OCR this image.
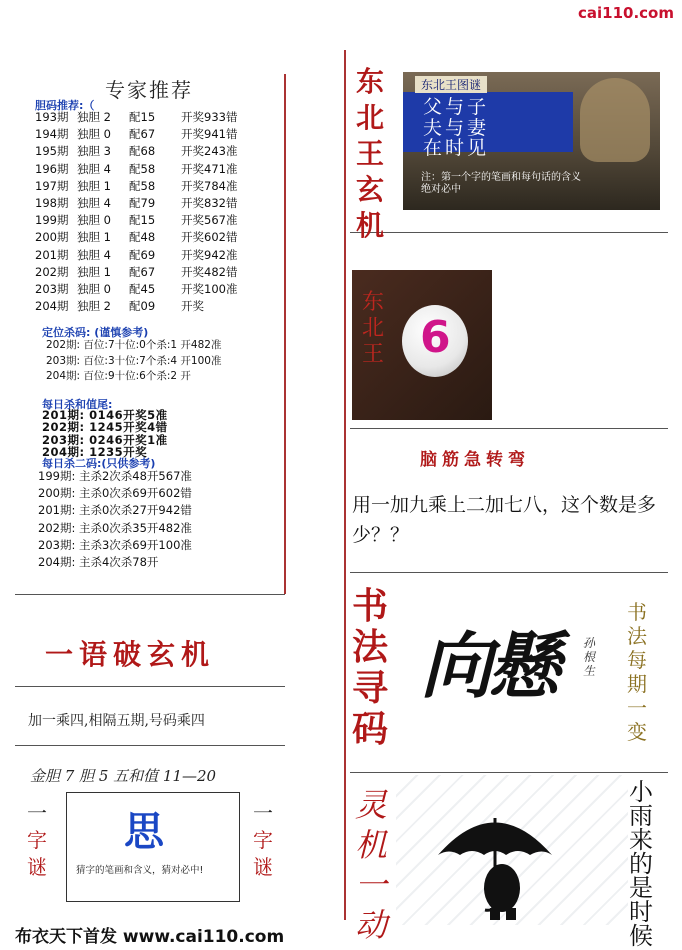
cai110.com
专家推荐
胆码推荐:（
193期 独胆 2 配15 开奖933错
194期 独胆 0 配67 开奖941错
195期 独胆 3 配68 开奖243准
196期 独胆 4 配58 开奖471准
197期 独胆 1 配58 开奖784准
198期 独胆 4 配79 开奖832错
199期 独胆 0 配15 开奖567准
200期 独胆 1 配48 开奖602错
201期 独胆 4 配69 开奖942准
202期 独胆 1 配67 开奖482错
203期 独胆 0 配45 开奖100准
204期 独胆 2 配09 开奖
定位杀码: (谨慎参考)
202期: 百位:7十位:0个杀:1 开482准
203期: 百位:3十位:7个杀:4 开100准
204期: 百位:9十位:6个杀:2 开
每日杀和值尾:
201期: 0146开奖5准
202期: 1245开奖4错
203期: 0246开奖1准
204期: 1235开奖
每日杀二码:(只供参考)
199期: 主杀2次杀48开567准
200期: 主杀0次杀69开602错
201期: 主杀0次杀27开942错
202期: 主杀0次杀35开482准
203期: 主杀3次杀69开100准
204期: 主杀4次杀78开
一语破玄机
加一乘四,相隔五期,号码乘四
金胆 7 胆 5 五和值 11—20
一
字
谜
思
猜字的笔画和含义，猜对必中!
一
字
谜
布衣天下首发 www.cai110.com
东北王玄机
东北王图谜
父与子
夫与妻
在时见
注：第一个字的笔画和每句话的含义绝对必中
东北王 6
脑筋急转弯
用一加九乘上二加七八，这个数是多少？？
书法寻码
向懸 孙根生
书法每期一变
灵机一动
小雨来的是时候
